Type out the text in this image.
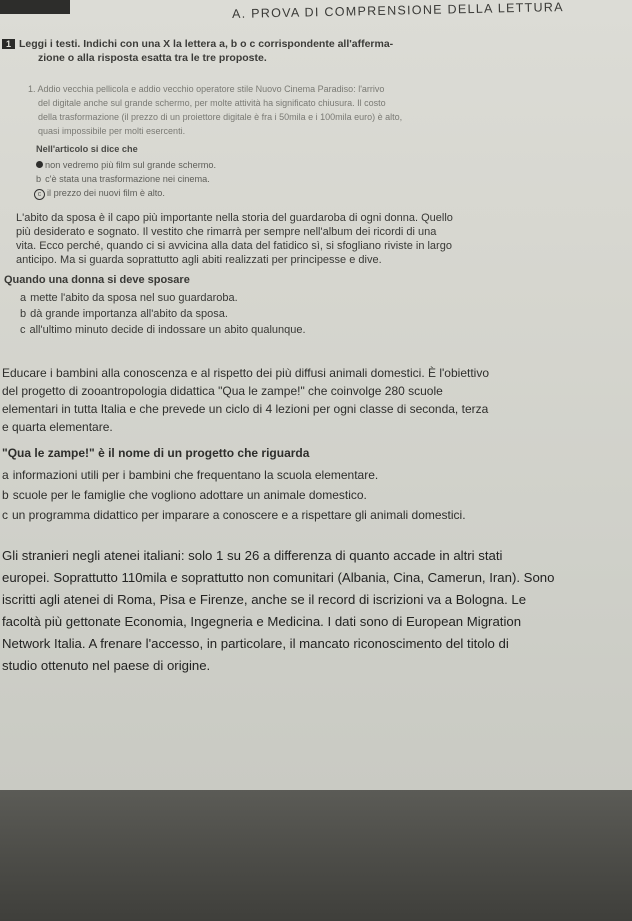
A. PROVA DI COMPRENSIONE DELLA LETTURA
1 Leggi i testi. Indichi con una X la lettera a, b o c corrispondente all'afferma-
zione o alla risposta esatta tra le tre proposte.
1. Addio vecchia pellicola e addio vecchio operatore stile Nuovo Cinema Paradiso: l'arrivo
del digitale anche sul grande schermo, per molte attività ha significato chiusura. Il costo
della trasformazione (il prezzo di un proiettore digitale è fra i 50mila e i 100mila euro) è alto,
quasi impossibile per molti esercenti.
Nell'articolo si dice che
non vedremo più film sul grande schermo.
b c'è stata una trasformazione nei cinema.
c il prezzo dei nuovi film è alto.
L'abito da sposa è il capo più importante nella storia del guardaroba di ogni donna. Quello
più desiderato e sognato. Il vestito che rimarrà per sempre nell'album dei ricordi di una
vita. Ecco perché, quando ci si avvicina alla data del fatidico sì, si sfogliano riviste in largo
anticipo. Ma si guarda soprattutto agli abiti realizzati per principesse e dive.
Quando una donna si deve sposare
a mette l'abito da sposa nel suo guardaroba.
b dà grande importanza all'abito da sposa.
c all'ultimo minuto decide di indossare un abito qualunque.
Educare i bambini alla conoscenza e al rispetto dei più diffusi animali domestici. È l'obiettivo
del progetto di zooantropologia didattica "Qua le zampe!" che coinvolge 280 scuole
elementari in tutta Italia e che prevede un ciclo di 4 lezioni per ogni classe di seconda, terza
e quarta elementare.
"Qua le zampe!" è il nome di un progetto che riguarda
a informazioni utili per i bambini che frequentano la scuola elementare.
b scuole per le famiglie che vogliono adottare un animale domestico.
c un programma didattico per imparare a conoscere e a rispettare gli animali domestici.
Gli stranieri negli atenei italiani: solo 1 su 26 a differenza di quanto accade in altri stati
europei. Soprattutto 110mila e soprattutto non comunitari (Albania, Cina, Camerun, Iran). Sono
iscritti agli atenei di Roma, Pisa e Firenze, anche se il record di iscrizioni va a Bologna. Le
facoltà più gettonate Economia, Ingegneria e Medicina. I dati sono di European Migration
Network Italia. A frenare l'accesso, in particolare, il mancato riconoscimento del titolo di
studio ottenuto nel paese di origine.
